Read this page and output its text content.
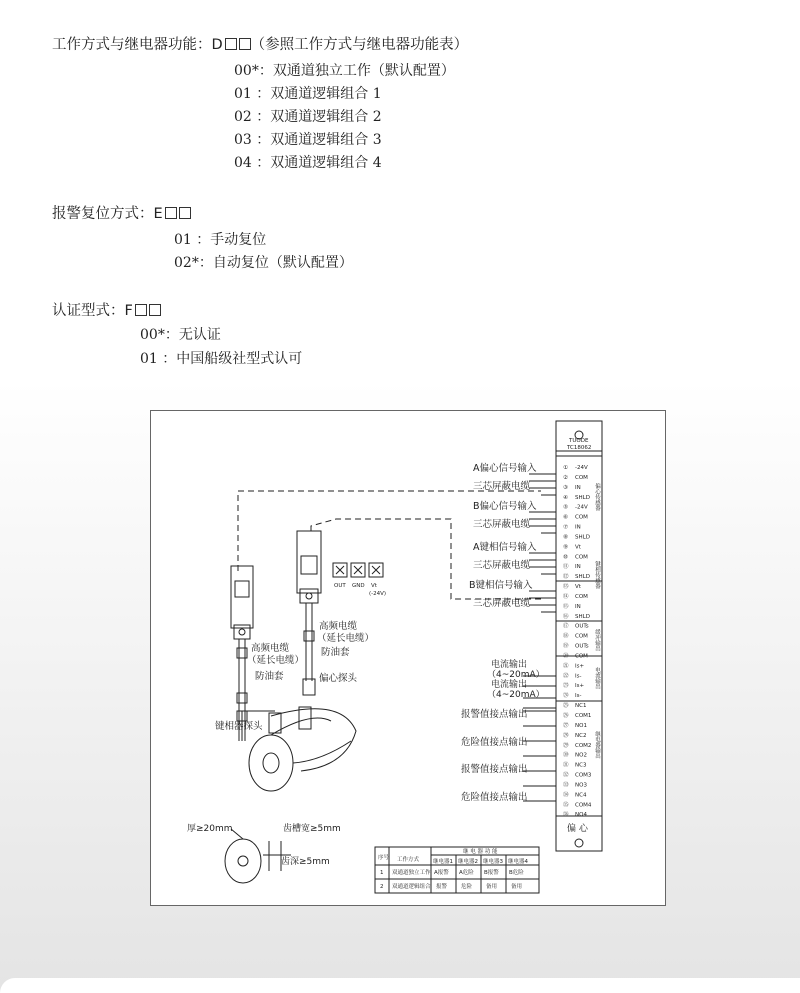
工作方式与继电器功能：D （参照工作方式与继电器功能表）
00*：双通道独立工作（默认配置）
01 ：双通道逻辑组合 1
02 ：双通道逻辑组合 2
03 ：双通道逻辑组合 3
04 ：双通道逻辑组合 4
报警复位方式：E
01 ：手动复位
02*：自动复位（默认配置）
认证型式：F
00*：无认证
01 ：中国船级社型式认可
OUT GND Vt
(-24V)
高频电缆
（延长电缆）
防油套
键相器探头
高频电缆
（延长电缆）
防油套
偏心探头
厚≥20mm	齿槽宽≥5mm
齿深≥5mm
A偏心信号输入
三芯屏蔽电缆
B偏心信号输入
三芯屏蔽电缆
A键相信号输入
三芯屏蔽电缆
B键相信号输入
三芯屏蔽电缆
电流输出
（4~20mA）
电流输出
（4~20mA）
报警值接点输出
危险值接点输出
报警值接点输出
危险值接点输出
TUODE
TC18062
偏 心
偏心传感器
键相传感器
缓冲输出
电流输出
继电器输出
序号 工作方式
继 电 器 功 能
继电器1 继电器2 继电器3 继电器4
1 双通道独立工作 A报警 A危险 B报警 B危险
2 双通道逻辑组合 报警	危险	备用	备用
①
②
③
④
⑤
⑥
⑦
⑧
⑨
⑩
⑪
⑫
⑬
⑭
⑮
⑯
⑰
⑱
⑲
⑳
㉑
㉒
㉓
㉔
㉕
㉖
㉗
㉘
㉙
㉚
㉛
㉜
㉝
㉞
㉟
㊱
-24V
COM
IN
SHLD
-24V
COM
IN
SHLD
Vt
COM
IN
SHLD
Vt
COM
IN
SHLD
OUTs
COM
OUTs
COM
Is+
Is-
Is+
Is-
NC1
COM1
NO1
NC2
COM2
NO2
NC3
COM3
NO3
NC4
COM4
NO4
